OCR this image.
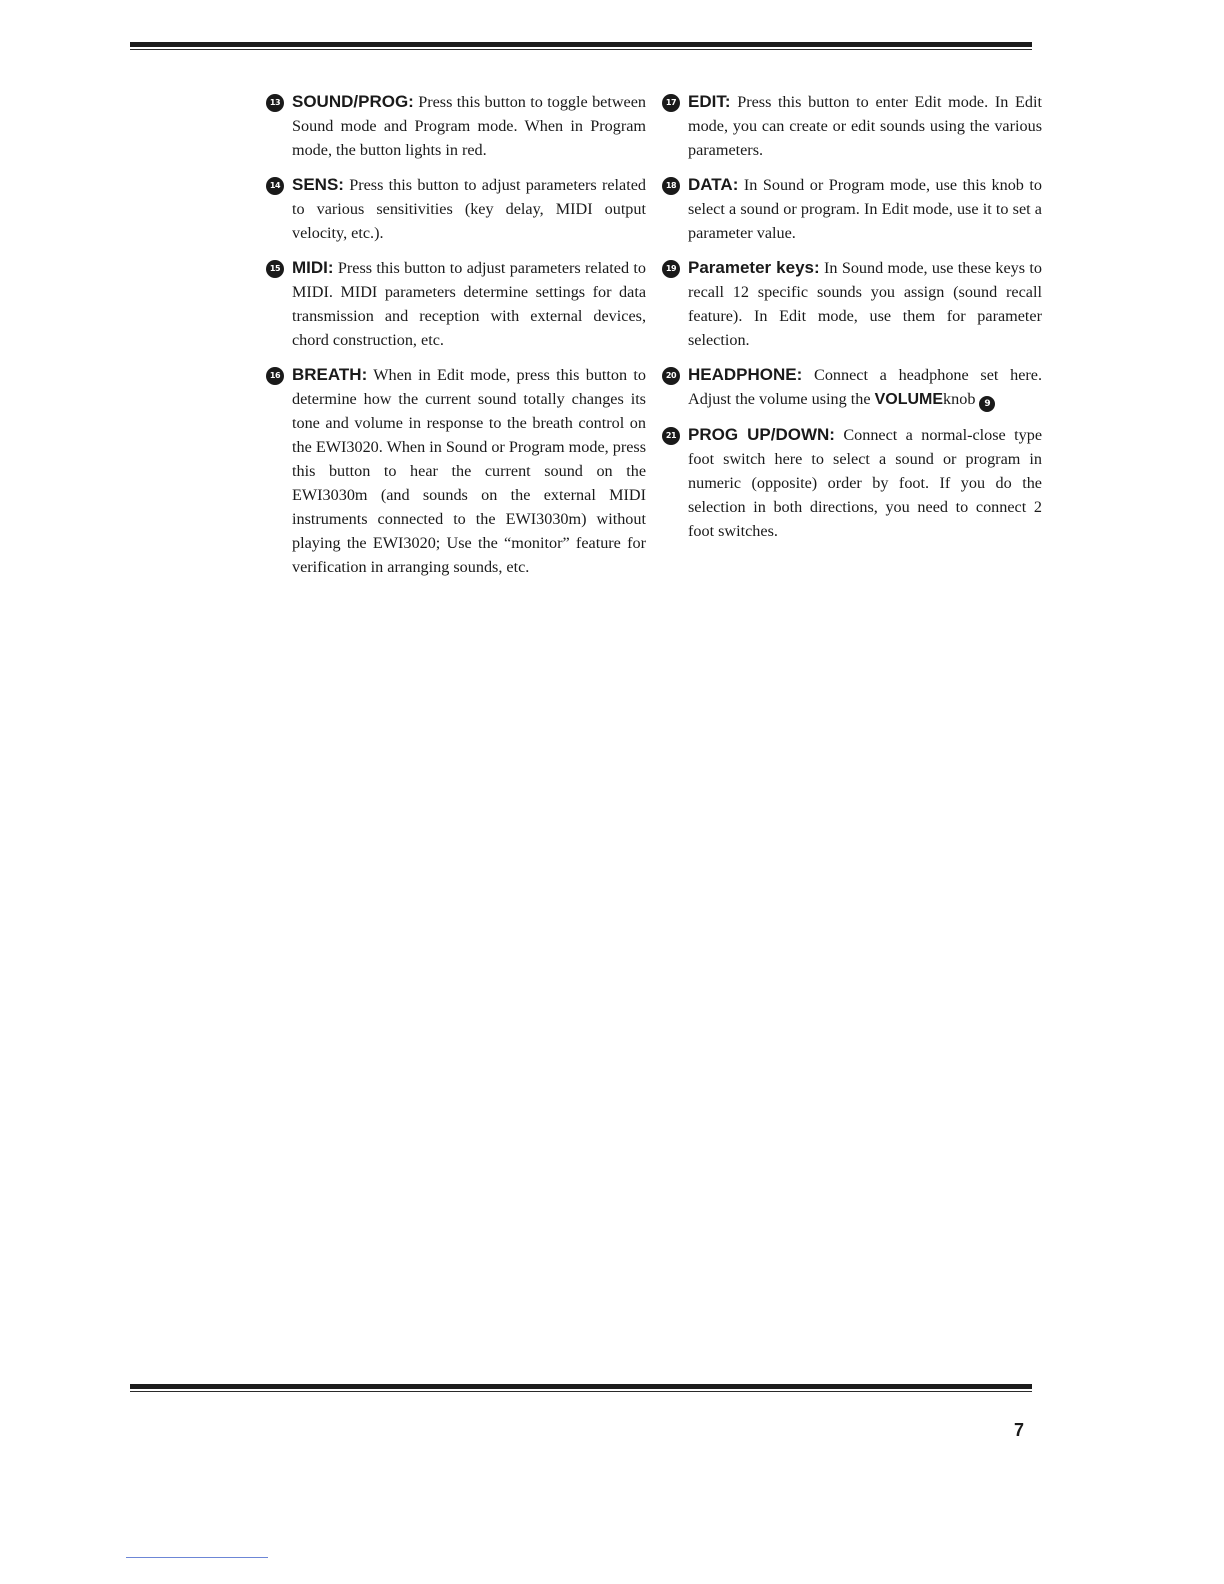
13 SOUND/PROG: Press this button to toggle between Sound mode and Program mode. When in Program mode, the button lights in red.
14 SENS: Press this button to adjust parameters related to various sensitivities (key delay, MIDI output velocity, etc.).
15 MIDI: Press this button to adjust parameters related to MIDI. MIDI parameters determine settings for data transmission and reception with external devices, chord construction, etc.
16 BREATH: When in Edit mode, press this button to determine how the current sound totally changes its tone and volume in response to the breath control on the EWI3020. When in Sound or Program mode, press this button to hear the current sound on the EWI3030m (and sounds on the external MIDI instruments connected to the EWI3030m) without playing the EWI3020; Use the “monitor” feature for verification in arranging sounds, etc.
17 EDIT: Press this button to enter Edit mode. In Edit mode, you can create or edit sounds using the various parameters.
18 DATA: In Sound or Program mode, use this knob to select a sound or program. In Edit mode, use it to set a parameter value.
19 Parameter keys: In Sound mode, use these keys to recall 12 specific sounds you assign (sound recall feature). In Edit mode, use them for parameter selection.
20 HEADPHONE: Connect a headphone set here. Adjust the volume using the VOLUMEknob 9
21 PROG UP/DOWN: Connect a normal-close type foot switch here to select a sound or program in numeric (opposite) order by foot. If you do the selection in both directions, you need to connect 2 foot switches.
7
